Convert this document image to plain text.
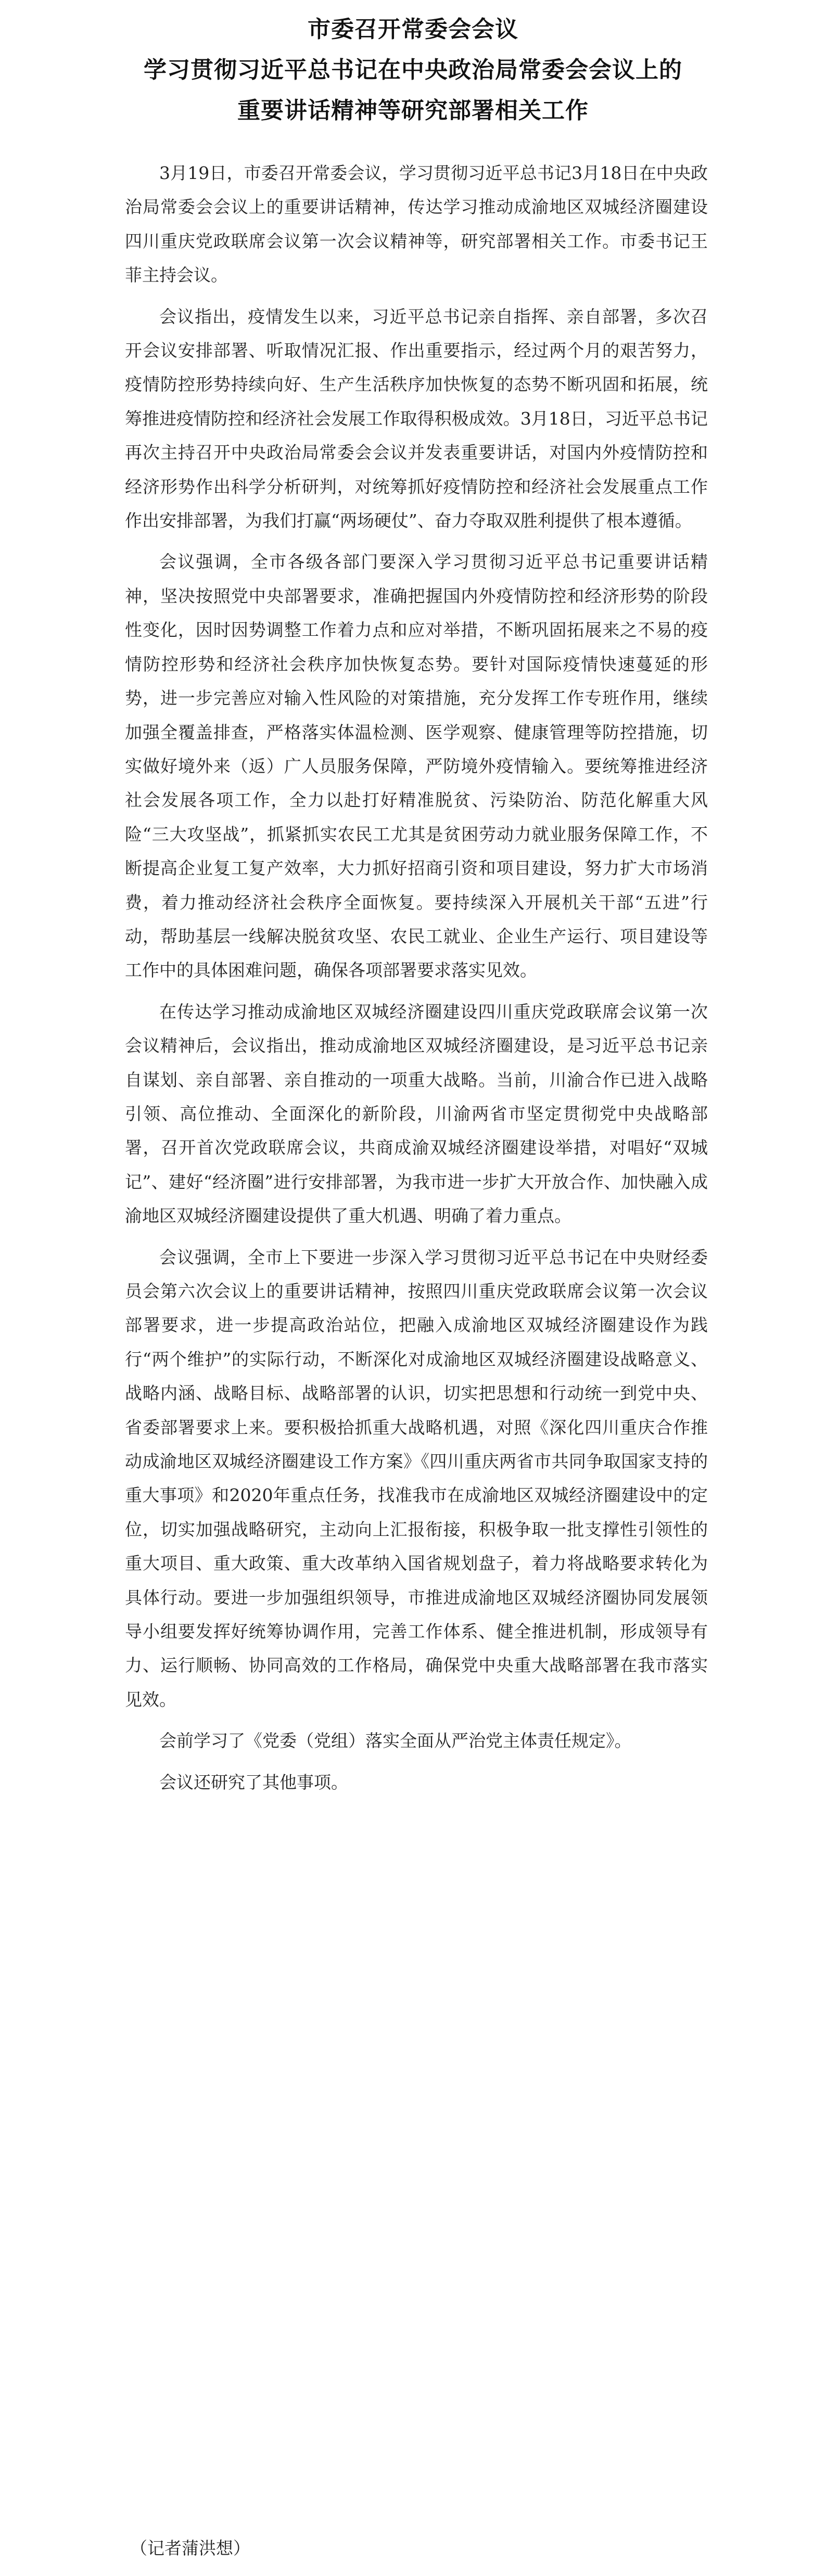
市委召开常委会会议
学习贯彻习近平总书记在中央政治局常委会会议上的
重要讲话精神等研究部署相关工作

3月19日，市委召开常委会议，学习贯彻习近平总书记3月18日在中央政治局常委会会议上的重要讲话精神，传达学习推动成渝地区双城经济圈建设四川重庆党政联席会议第一次会议精神等，研究部署相关工作。市委书记王菲主持会议。

会议指出，疫情发生以来，习近平总书记亲自指挥、亲自部署，多次召开会议安排部署、听取情况汇报、作出重要指示，经过两个月的艰苦努力，疫情防控形势持续向好、生产生活秩序加快恢复的态势不断巩固和拓展，统筹推进疫情防控和经济社会发展工作取得积极成效。3月18日，习近平总书记再次主持召开中央政治局常委会会议并发表重要讲话，对国内外疫情防控和经济形势作出科学分析研判，对统筹抓好疫情防控和经济社会发展重点工作作出安排部署，为我们打赢“两场硬仗”、奋力夺取双胜利提供了根本遵循。

会议强调，全市各级各部门要深入学习贯彻习近平总书记重要讲话精神，坚决按照党中央部署要求，准确把握国内外疫情防控和经济形势的阶段性变化，因时因势调整工作着力点和应对举措，不断巩固拓展来之不易的疫情防控形势和经济社会秩序加快恢复态势。要针对国际疫情快速蔓延的形势，进一步完善应对输入性风险的对策措施，充分发挥工作专班作用，继续加强全覆盖排查，严格落实体温检测、医学观察、健康管理等防控措施，切实做好境外来（返）广人员服务保障，严防境外疫情输入。要统筹推进经济社会发展各项工作，全力以赴打好精准脱贫、污染防治、防范化解重大风险“三大攻坚战”，抓紧抓实农民工尤其是贫困劳动力就业服务保障工作，不断提高企业复工复产效率，大力抓好招商引资和项目建设，努力扩大市场消费，着力推动经济社会秩序全面恢复。要持续深入开展机关干部“五进”行动，帮助基层一线解决脱贫攻坚、农民工就业、企业生产运行、项目建设等工作中的具体困难问题，确保各项部署要求落实见效。

在传达学习推动成渝地区双城经济圈建设四川重庆党政联席会议第一次会议精神后，会议指出，推动成渝地区双城经济圈建设，是习近平总书记亲自谋划、亲自部署、亲自推动的一项重大战略。当前，川渝合作已进入战略引领、高位推动、全面深化的新阶段，川渝两省市坚定贯彻党中央战略部署，召开首次党政联席会议，共商成渝双城经济圈建设举措，对唱好“双城记”、建好“经济圈”进行安排部署，为我市进一步扩大开放合作、加快融入成渝地区双城经济圈建设提供了重大机遇、明确了着力重点。

会议强调，全市上下要进一步深入学习贯彻习近平总书记在中央财经委员会第六次会议上的重要讲话精神，按照四川重庆党政联席会议第一次会议部署要求，进一步提高政治站位，把融入成渝地区双城经济圈建设作为践行“两个维护”的实际行动，不断深化对成渝地区双城经济圈建设战略意义、战略内涵、战略目标、战略部署的认识，切实把思想和行动统一到党中央、省委部署要求上来。要积极拾抓重大战略机遇，对照《深化四川重庆合作推动成渝地区双城经济圈建设工作方案》《四川重庆两省市共同争取国家支持的重大事项》和2020年重点任务，找准我市在成渝地区双城经济圈建设中的定位，切实加强战略研究，主动向上汇报衔接，积极争取一批支撑性引领性的重大项目、重大政策、重大改革纳入国省规划盘子，着力将战略要求转化为具体行动。要进一步加强组织领导，市推进成渝地区双城经济圈协同发展领导小组要发挥好统筹协调作用，完善工作体系、健全推进机制，形成领导有力、运行顺畅、协同高效的工作格局，确保党中央重大战略部署在我市落实见效。

会前学习了《党委（党组）落实全面从严治党主体责任规定》。

会议还研究了其他事项。

（记者蒲洪想）
